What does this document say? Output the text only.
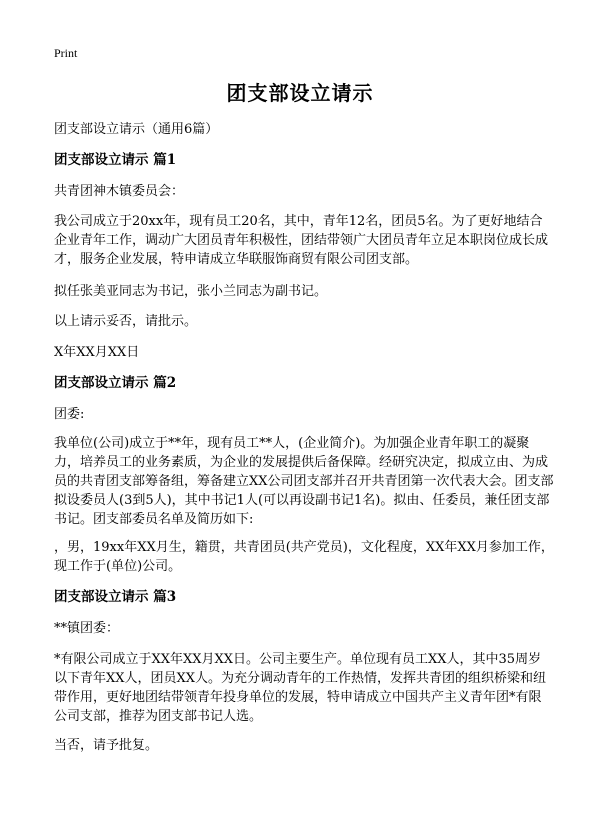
Print
团支部设立请示
团支部设立请示（通用6篇）
团支部设立请示 篇1
共青团神木镇委员会：
我公司成立于20xx年，现有员工20名，其中，青年12名，团员5名。为了更好地结合企业青年工作，调动广大团员青年积极性，团结带领广大团员青年立足本职岗位成长成才，服务企业发展，特申请成立华联服饰商贸有限公司团支部。
拟任张美亚同志为书记，张小兰同志为副书记。
以上请示妥否，请批示。
X年XX月XX日
团支部设立请示 篇2
团委:
我单位(公司)成立于**年，现有员工**人，(企业简介)。为加强企业青年职工的凝聚力，培养员工的业务素质，为企业的发展提供后备保障。经研究决定，拟成立由、为成员的共青团支部筹备组，筹备建立XX公司团支部并召开共青团第一次代表大会。团支部拟设委员人(3到5人)，其中书记1人(可以再设副书记1名)。拟由、任委员，兼任团支部书记。团支部委员名单及简历如下:
，男，19xx年XX月生，籍贯，共青团员(共产党员)，文化程度，XX年XX月参加工作，现工作于(单位)公司。
团支部设立请示 篇3
**镇团委：
*有限公司成立于XX年XX月XX日。公司主要生产。单位现有员工XX人，其中35周岁以下青年XX人，团员XX人。为充分调动青年的工作热情，发挥共青团的组织桥梁和纽带作用，更好地团结带领青年投身单位的发展，特申请成立中国共产主义青年团*有限公司支部，推荐为团支部书记人选。
当否，请予批复。
